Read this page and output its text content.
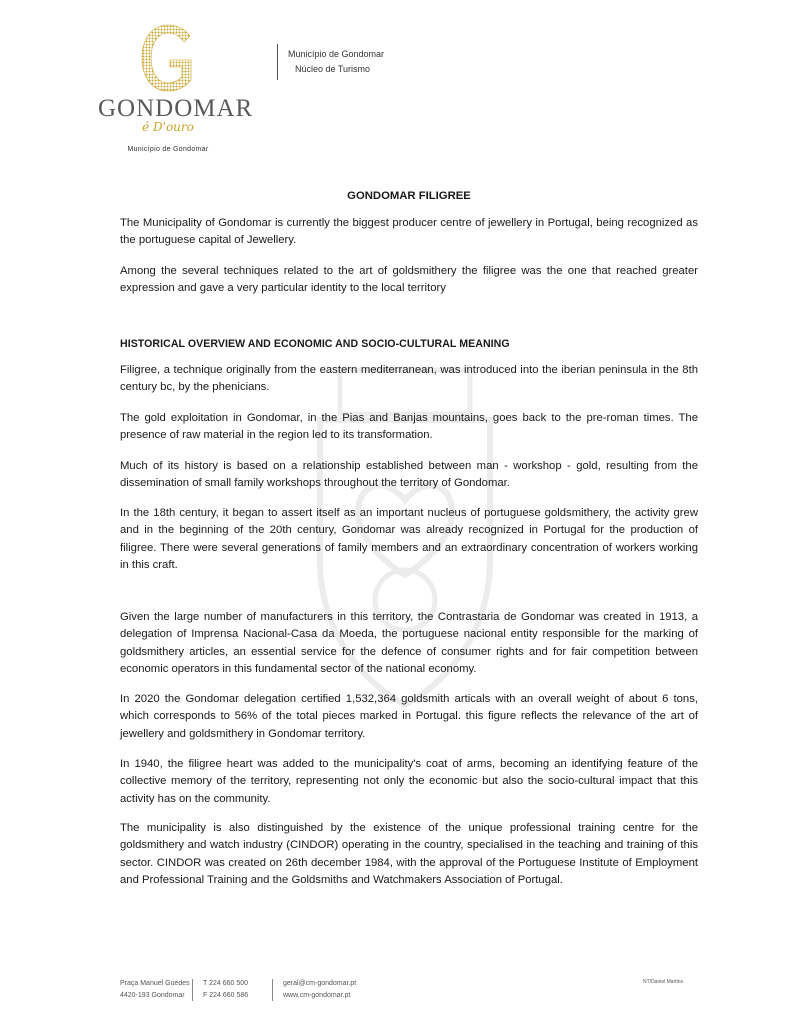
GONDOMAR
é D'ouro
Município de Gondomar
Município de Gondomar
Núcleo de Turismo
GONDOMAR FILIGREE

The Municipality of Gondomar is currently the biggest producer centre of jewellery in Portugal, being recognized as the portuguese capital of Jewellery.

Among the several techniques related to the art of goldsmithery the filigree was the one that reached greater expression and gave a very particular identity to the local territory

HISTORICAL OVERVIEW AND ECONOMIC AND SOCIO-CULTURAL MEANING

Filigree, a technique originally from the eastern mediterranean, was introduced into the iberian peninsula in the 8th century bc, by the phenicians.

The gold exploitation in Gondomar, in the Pias and Banjas mountains, goes back to the pre-roman times. The presence of raw material in the region led to its transformation.

Much of its history is based on a relationship established between man - workshop - gold, resulting from the dissemination of small family workshops throughout the territory of Gondomar.

In the 18th century, it began to assert itself as an important nucleus of portuguese goldsmithery, the activity grew and in the beginning of the 20th century, Gondomar was already recognized in Portugal for the production of filigree. There were several generations of family members and an extraordinary concentration of workers working in this craft.

Given the large number of manufacturers in this territory, the Contrastaria de Gondomar was created in 1913, a delegation of Imprensa Nacional-Casa da Moeda, the portuguese nacional entity responsible for the marking of goldsmithery articles, an essential service for the defence of consumer rights and for fair competition between economic operators in this fundamental sector of the national economy.

In 2020 the Gondomar delegation certified 1,532,364 goldsmith articals with an overall weight of about 6 tons, which corresponds to 56% of the total pieces marked in Portugal. this figure reflects the relevance of the art of jewellery and goldsmithery in Gondomar territory.

In 1940, the filigree heart was added to the municipality's coat of arms, becoming an identifying feature of the collective memory of the territory, representing not only the economic but also the socio-cultural impact that this activity has on the community.

The municipality is also distinguished by the existence of the unique professional training centre for the goldsmithery and watch industry (CINDOR) operating in the country, specialised in the teaching and training of this sector. CINDOR was created on 26th december 1984, with the approval of the Portuguese Institute of Employment and Professional Training and the Goldsmiths and Watchmakers Association of Portugal.

Praça Manuel Guedes
4420-193 Gondomar
T 224 660 500
F 224 660 586
geral@cm-gondomar.pt
www.cm-gondomar.pt
NT/Daniel Martins
